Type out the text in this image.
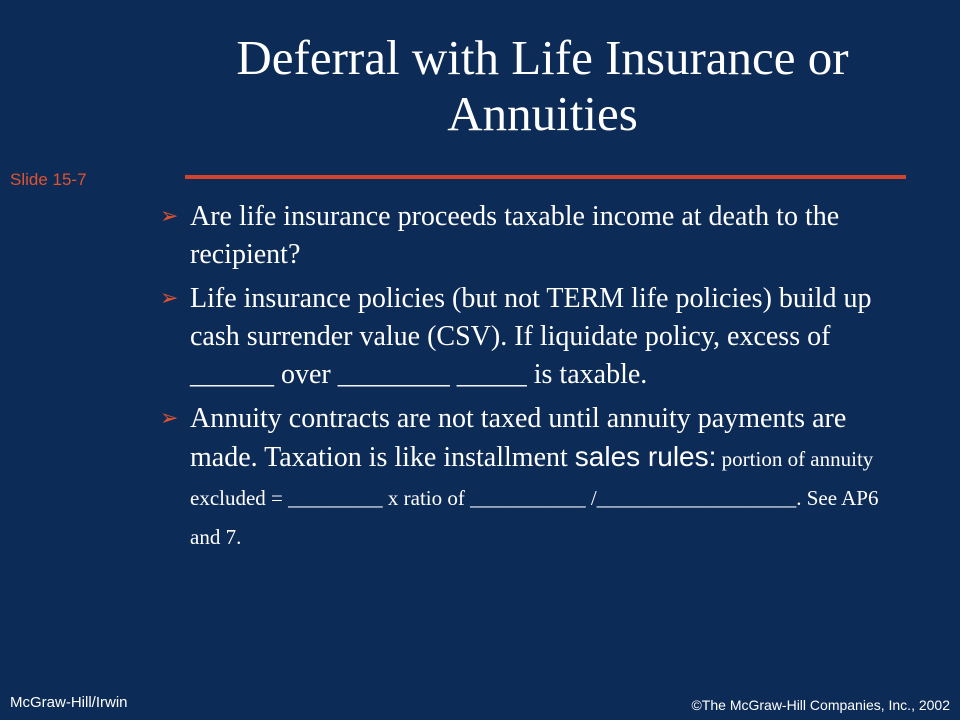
Deferral with Life Insurance or
Annuities
Slide 15-7
➢ Are life insurance proceeds taxable income at death to the recipient?
➢ Life insurance policies (but not TERM life policies) build up cash surrender value (CSV). If liquidate policy, excess of ______ over ________ _____ is taxable.
➢ Annuity contracts are not taxed until annuity payments are made. Taxation is like installment sales rules: portion of annuity excluded = _________ x ratio of ___________ /___________________. See AP6 and 7.
McGraw-Hill/Irwin	©The McGraw-Hill Companies, Inc., 2002
